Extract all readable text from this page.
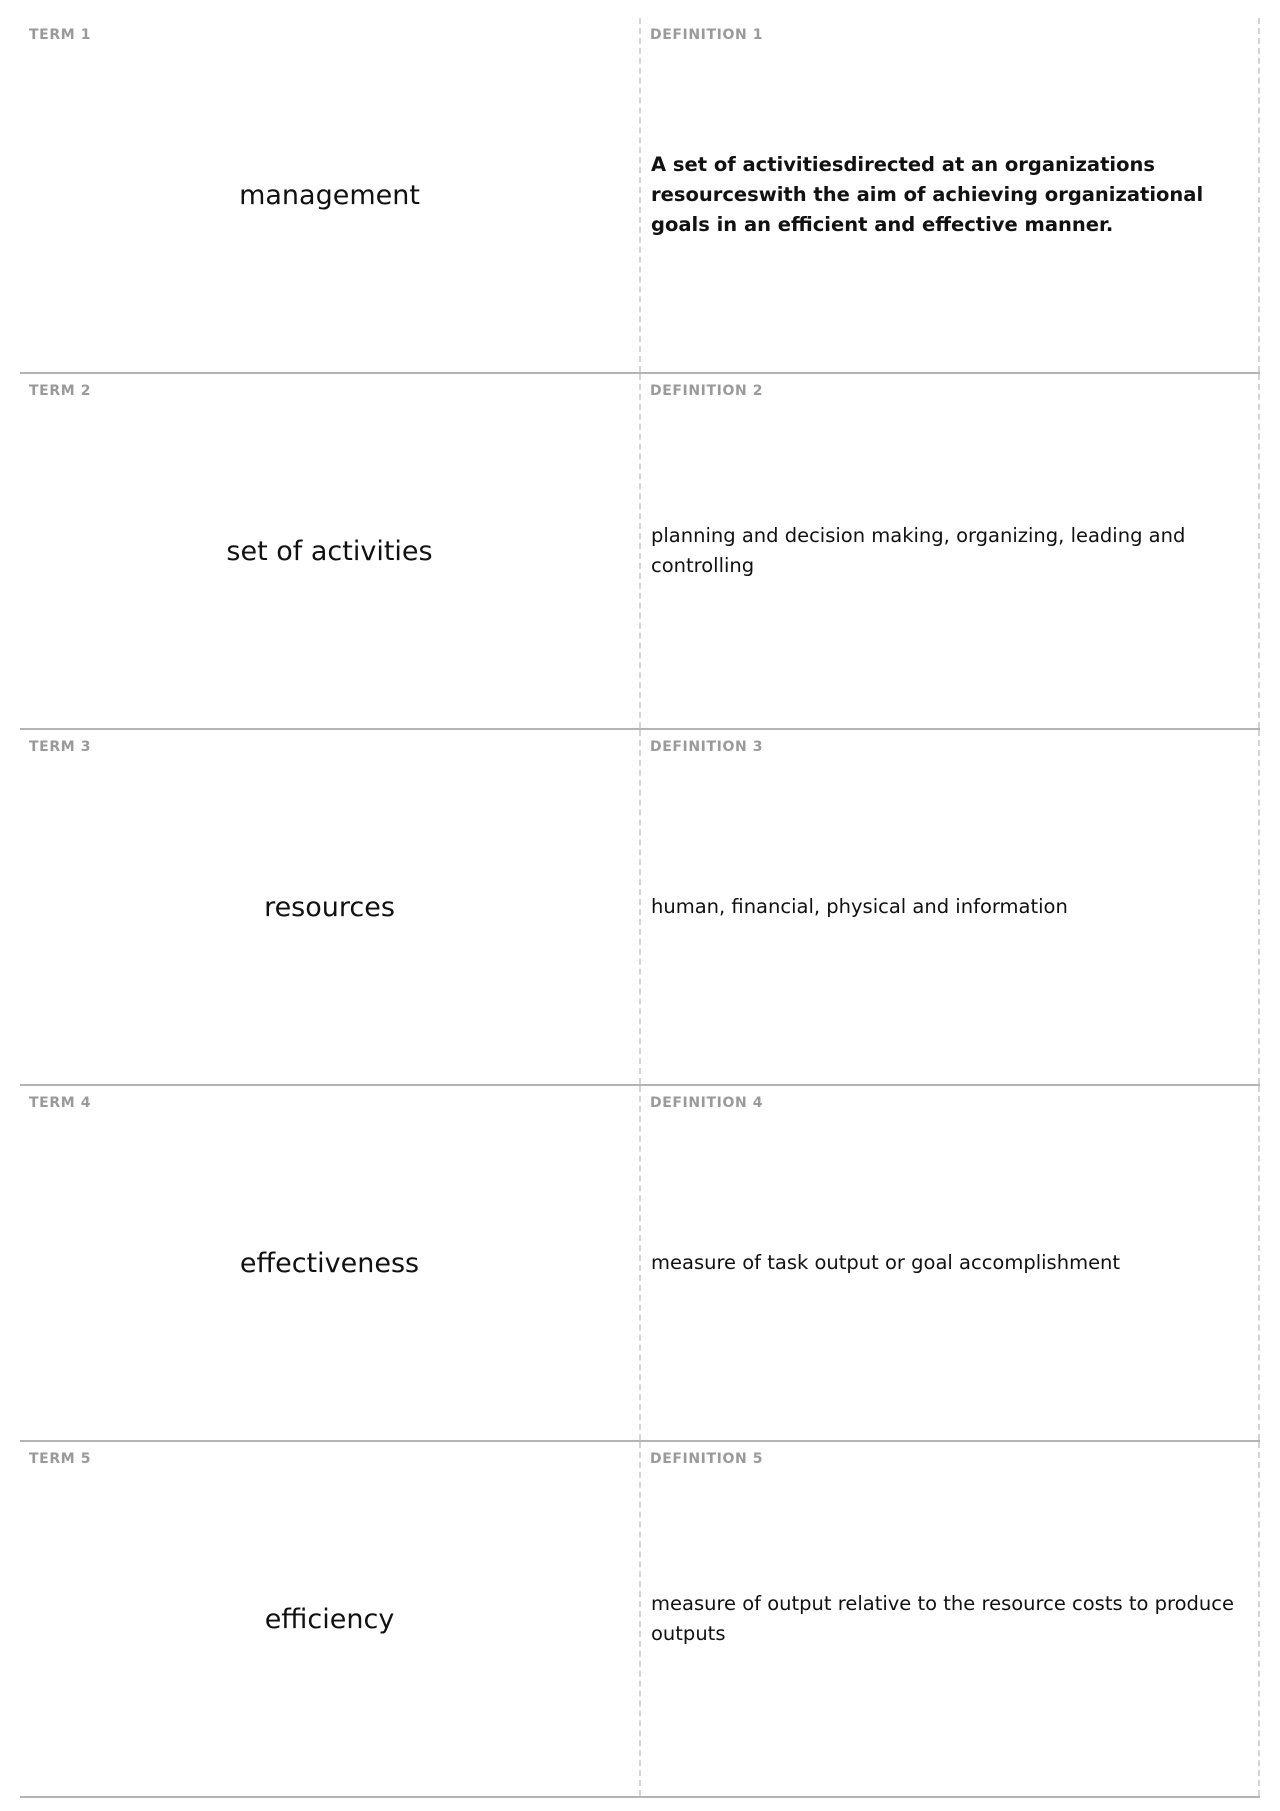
TERM 1
management
DEFINITION 1
A set of activitiesdirected at an organizations resourceswith the aim of achieving organizational goals in an efficient and effective manner.
TERM 2
set of activities
DEFINITION 2
planning and decision making, organizing, leading and controlling
TERM 3
resources
DEFINITION 3
human, financial, physical and information
TERM 4
effectiveness
DEFINITION 4
measure of task output or goal accomplishment
TERM 5
efficiency
DEFINITION 5
measure of output relative to the resource costs to produce outputs
